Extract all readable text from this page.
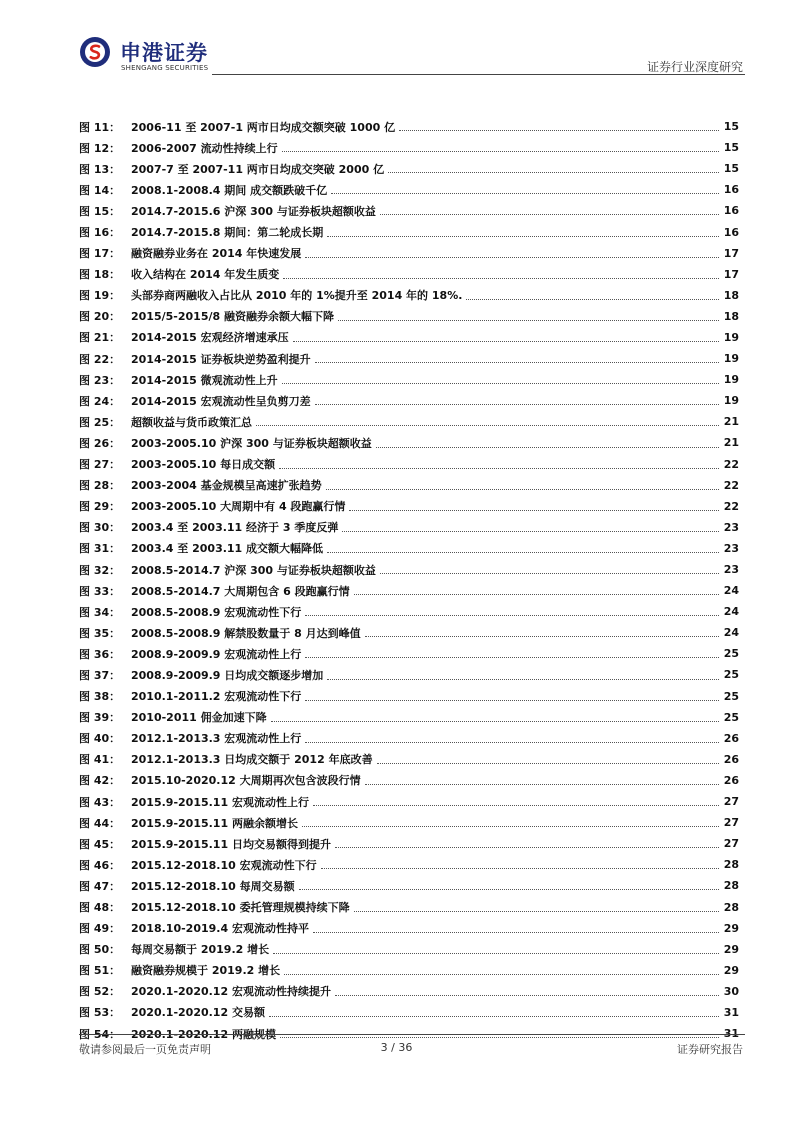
申港证券
SHENGANG SECURITIES	证券行业深度研究
图 11： 2006-11 至 2007-1 两市日均成交额突破 1000 亿	15
图 12： 2006-2007 流动性持续上行	15
图 13： 2007-7 至 2007-11 两市日均成交突破 2000 亿	15
图 14： 2008.1-2008.4 期间 成交额跌破千亿	16
图 15： 2014.7-2015.6 沪深 300 与证券板块超额收益	16
图 16： 2014.7-2015.8 期间：第二轮成长期	16
图 17： 融资融券业务在 2014 年快速发展	17
图 18： 收入结构在 2014 年发生质变	17
图 19： 头部券商两融收入占比从 2010 年的 1%提升至 2014 年的 18%.	18
图 20： 2015/5-2015/8 融资融券余额大幅下降	18
图 21： 2014-2015 宏观经济增速承压	19
图 22： 2014-2015 证券板块逆势盈利提升	19
图 23： 2014-2015 微观流动性上升	19
图 24： 2014-2015 宏观流动性呈负剪刀差	19
图 25： 超额收益与货币政策汇总	21
图 26： 2003-2005.10 沪深 300 与证券板块超额收益	21
图 27： 2003-2005.10 每日成交额	22
图 28： 2003-2004 基金规模呈高速扩张趋势	22
图 29： 2003-2005.10 大周期中有 4 段跑赢行情	22
图 30： 2003.4 至 2003.11 经济于 3 季度反弹	23
图 31： 2003.4 至 2003.11 成交额大幅降低	23
图 32： 2008.5-2014.7 沪深 300 与证券板块超额收益	23
图 33： 2008.5-2014.7 大周期包含 6 段跑赢行情	24
图 34： 2008.5-2008.9 宏观流动性下行	24
图 35： 2008.5-2008.9 解禁股数量于 8 月达到峰值	24
图 36： 2008.9-2009.9 宏观流动性上行	25
图 37： 2008.9-2009.9 日均成交额逐步增加	25
图 38： 2010.1-2011.2 宏观流动性下行	25
图 39： 2010-2011 佣金加速下降	25
图 40： 2012.1-2013.3 宏观流动性上行	26
图 41： 2012.1-2013.3 日均成交额于 2012 年底改善	26
图 42： 2015.10-2020.12 大周期再次包含波段行情	26
图 43： 2015.9-2015.11 宏观流动性上行	27
图 44： 2015.9-2015.11 两融余额增长	27
图 45： 2015.9-2015.11 日均交易额得到提升	27
图 46： 2015.12-2018.10 宏观流动性下行	28
图 47： 2015.12-2018.10 每周交易额	28
图 48： 2015.12-2018.10 委托管理规模持续下降	28
图 49： 2018.10-2019.4 宏观流动性持平	29
图 50： 每周交易额于 2019.2 增长	29
图 51： 融资融券规模于 2019.2 增长	29
图 52： 2020.1-2020.12 宏观流动性持续提升	30
图 53： 2020.1-2020.12 交易额	31
图 54： 2020.1-2020.12 两融规模	31
敬请参阅最后一页免责声明	3 / 36	证券研究报告
